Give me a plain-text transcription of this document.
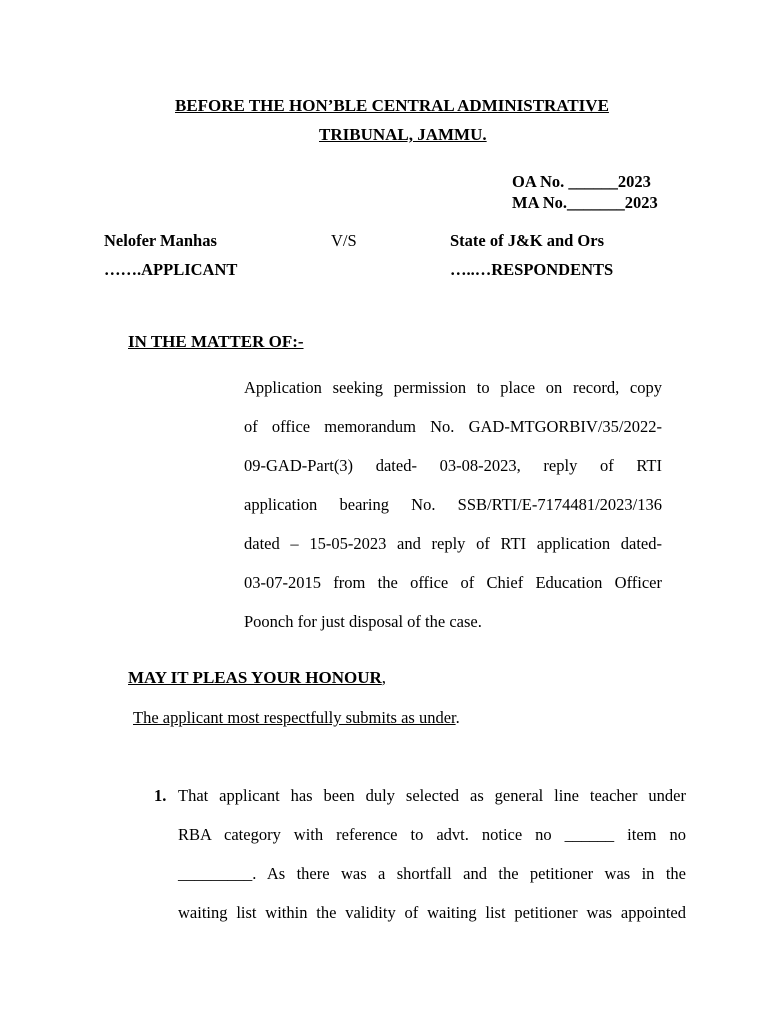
BEFORE THE HON’BLE CENTRAL ADMINISTRATIVE
TRIBUNAL, JAMMU.
OA No. ______2023
MA No._______2023
Nelofer Manhas	V/S	State of J&K and Ors
…….APPLICANT	…..…RESPONDENTS
IN THE MATTER OF:-
Application seeking permission to place on record, copy
of office memorandum No. GAD-MTGORBIV/35/2022-
09-GAD-Part(3) dated- 03-08-2023, reply of RTI
application bearing No. SSB/RTI/E-7174481/2023/136
dated – 15-05-2023 and reply of RTI application dated-
03-07-2015 from the office of Chief Education Officer
Poonch for just disposal of the case.
MAY IT PLEAS YOUR HONOUR,
The applicant most respectfully submits as under.
1. That applicant has been duly selected as general line teacher under
RBA category with reference to advt. notice no ______ item no
_________. As there was a shortfall and the petitioner was in the
waiting list within the validity of waiting list petitioner was appointed
